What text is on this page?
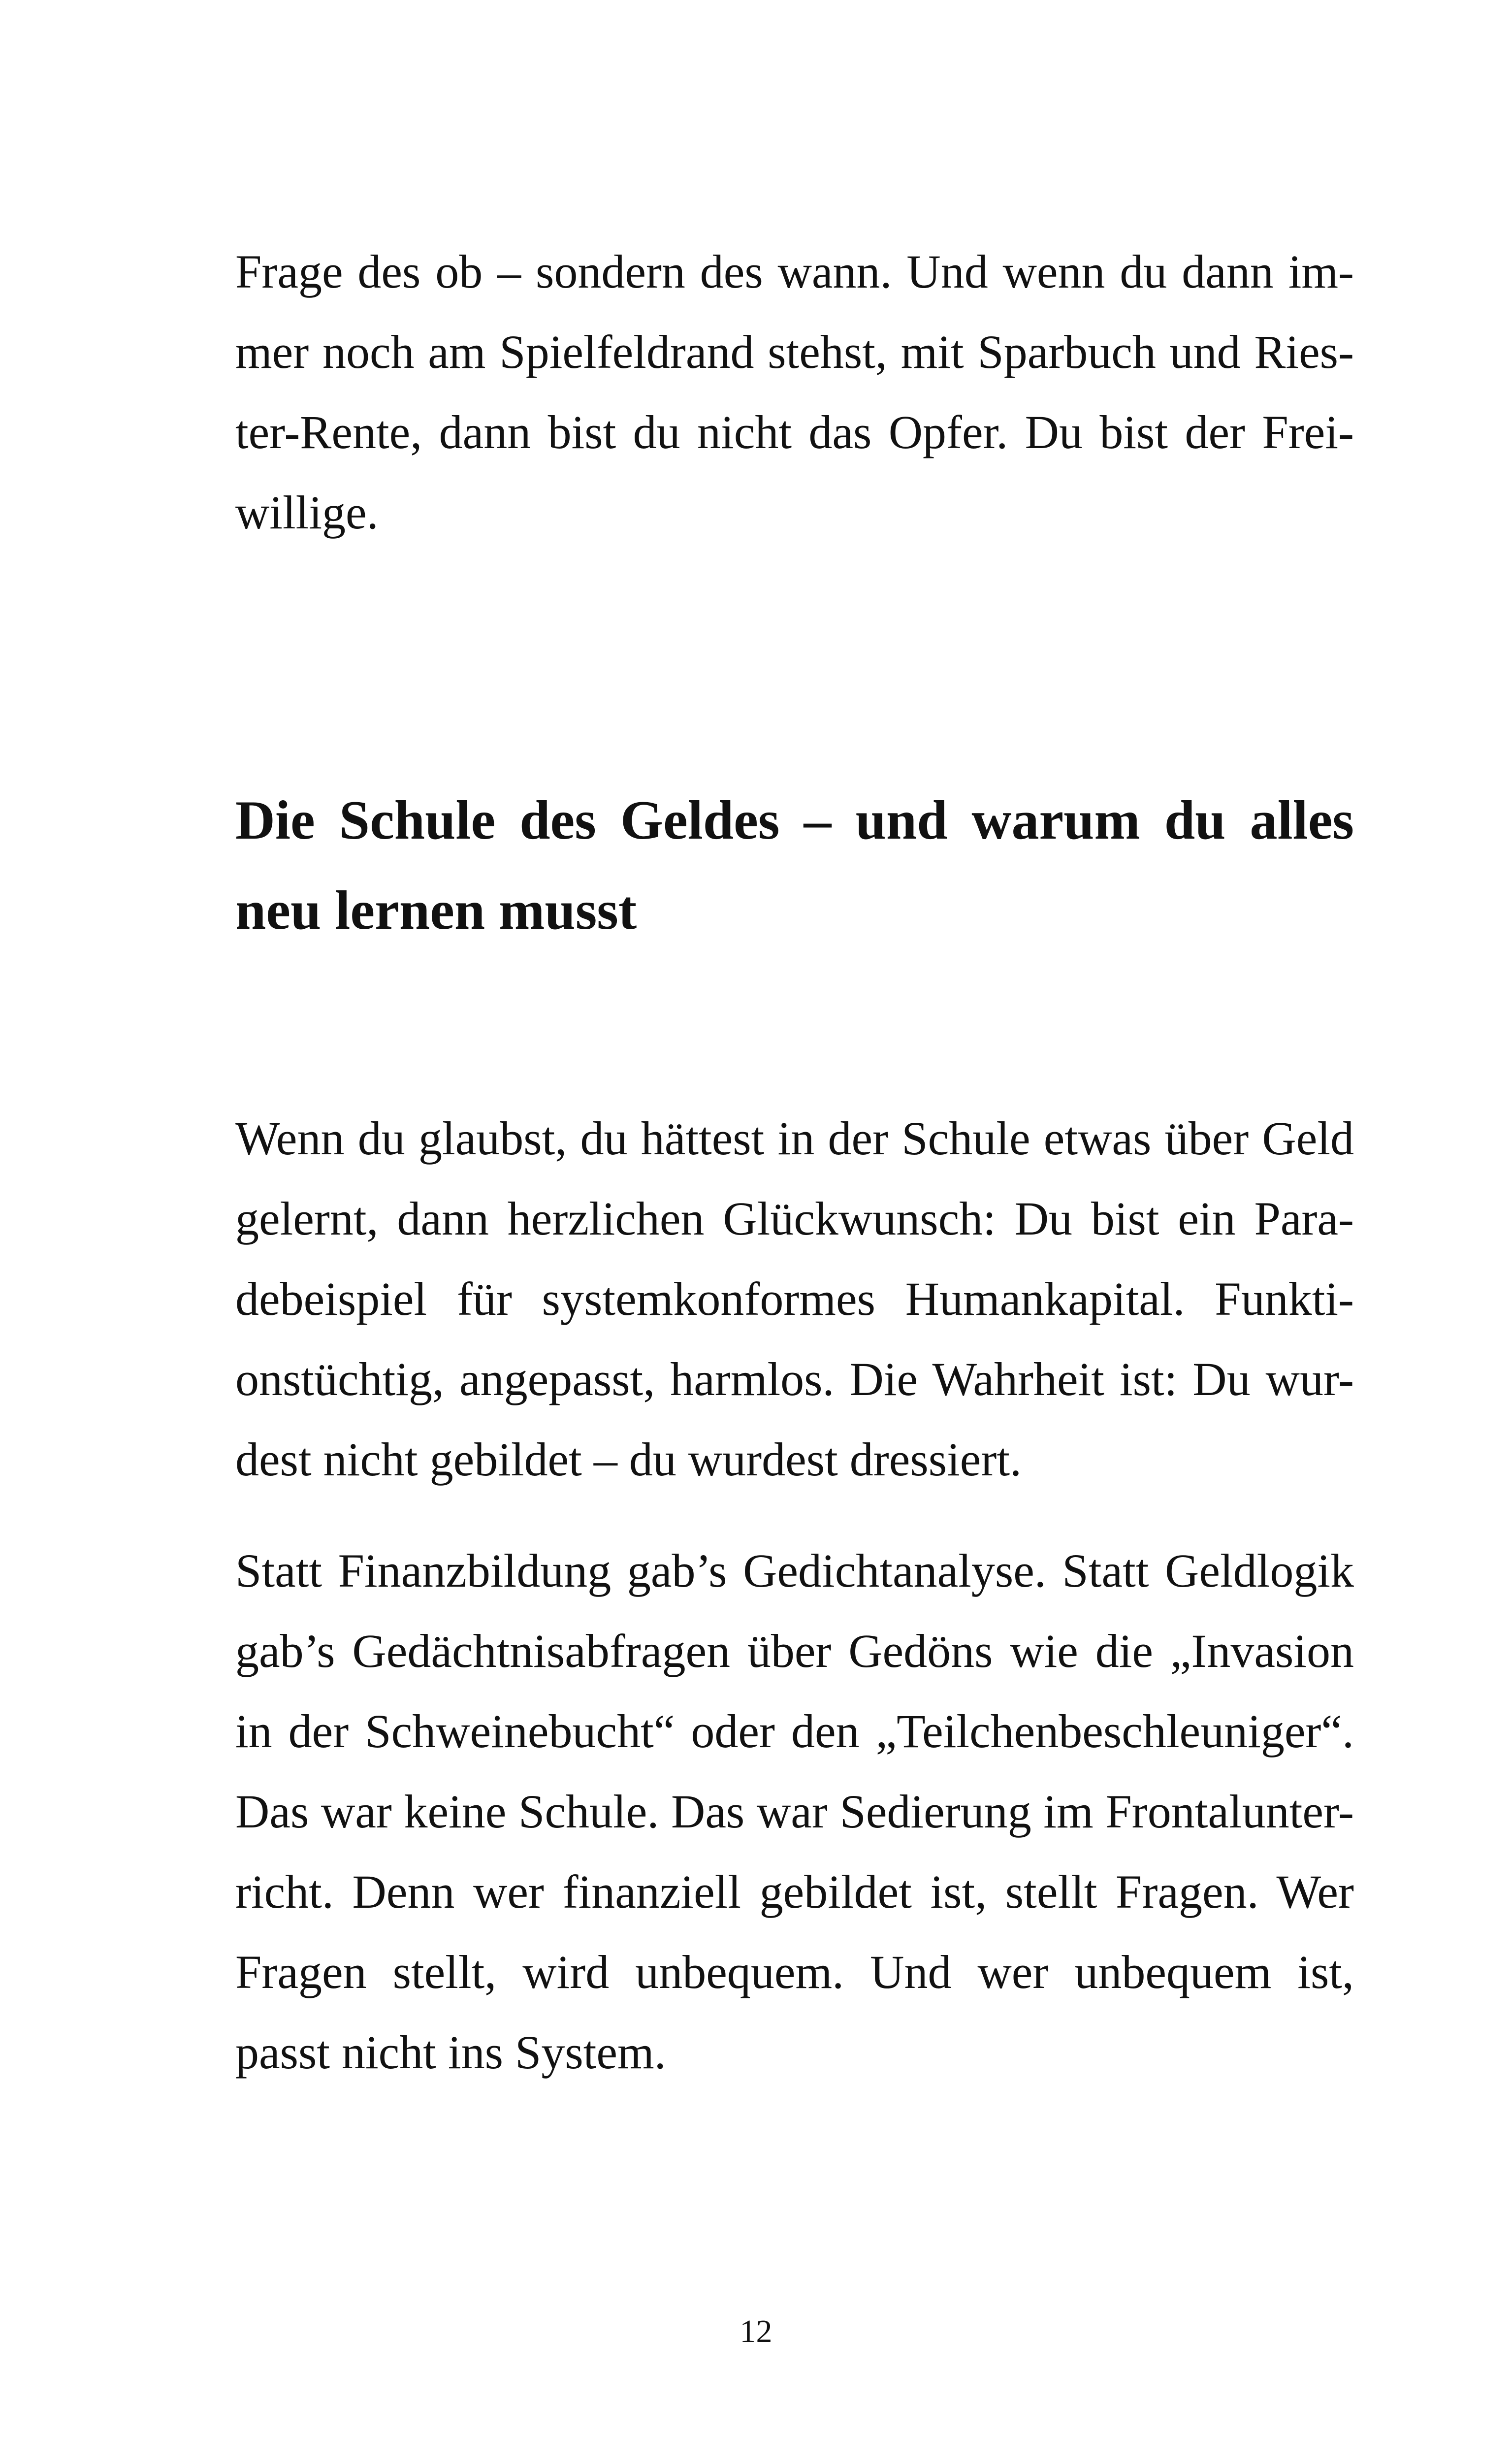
Frage des ob – sondern des wann. Und wenn du dann im-
mer noch am Spielfeldrand stehst, mit Sparbuch und Ries-
ter-Rente, dann bist du nicht das Opfer. Du bist der Frei-
willige.

Die Schule des Geldes – und warum du alles
neu lernen musst

Wenn du glaubst, du hättest in der Schule etwas über Geld
gelernt, dann herzlichen Glückwunsch: Du bist ein Para-
debeispiel für systemkonformes Humankapital. Funkti-
onstüchtig, angepasst, harmlos. Die Wahrheit ist: Du wur-
dest nicht gebildet – du wurdest dressiert.

Statt Finanzbildung gab’s Gedichtanalyse. Statt Geldlogik
gab’s Gedächtnisabfragen über Gedöns wie die „Invasion
in der Schweinebucht“ oder den „Teilchenbeschleuniger“.
Das war keine Schule. Das war Sedierung im Frontalunter-
richt. Denn wer finanziell gebildet ist, stellt Fragen. Wer
Fragen stellt, wird unbequem. Und wer unbequem ist,
passt nicht ins System.

12
